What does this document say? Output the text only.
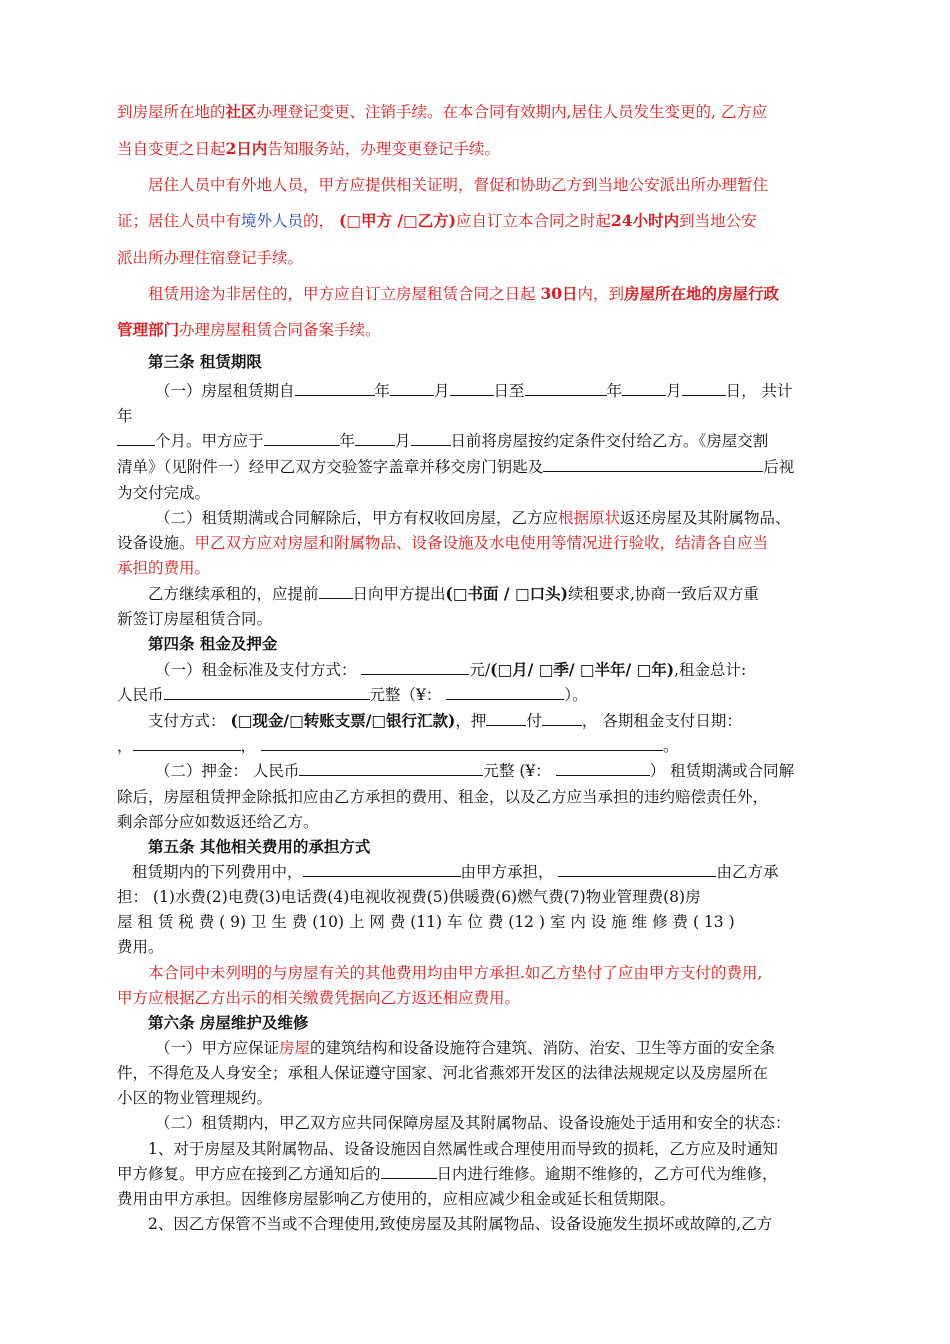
到房屋所在地的社区办理登记变更、注销手续。在本合同有效期内,居住人员发生变更的, 乙方应
当自变更之日起2日内告知服务站，办理变更登记手续。
居住人员中有外地人员，甲方应提供相关证明，督促和协助乙方到当地公安派出所办理暂住
证；居住人员中有境外人员的， (□甲方 /□乙方)应自订立本合同之时起24小时内到当地公安
派出所办理住宿登记手续。
租赁用途为非居住的，甲方应自订立房屋租赁合同之日起 30日内，到房屋所在地的房屋行政
管理部门办理房屋租赁合同备案手续。
第三条 租赁期限
（一）房屋租赁期自	年	月	日至	年	月	日， 共计
年
个月。甲方应于	年	月	日前将房屋按约定条件交付给乙方。《房屋交割
清单》（见附件一）经甲乙双方交验签字盖章并移交房门钥匙及	后视
为交付完成。
（二）租赁期满或合同解除后，甲方有权收回房屋，乙方应根据原状返还房屋及其附属物品、
设备设施。甲乙双方应对房屋和附属物品、设备设施及水电使用等情况进行验收，结清各自应当
承担的费用。
乙方继续承租的，应提前 日向甲方提出(□书面 / □口头)续租要求,协商一致后双方重
新签订房屋租赁合同。
第四条 租金及押金
（一）租金标准及支付方式：	元/(□月/ □季/ □半年/ □年),租金总计:
人民币	元整（¥：	）。
支付方式： (□现金/□转账支票/□银行汇款)，押	付	， 各期租金支付日期：
，	，	。
（二）押金： 人民币	元整 (¥：	） 租赁期满或合同解
除后，房屋租赁押金除抵扣应由乙方承担的费用、租金，以及乙方应当承担的违约赔偿责任外，
剩余部分应如数返还给乙方。
第五条 其他相关费用的承担方式
租赁期内的下列费用中，	由甲方承担，	由乙方承
担： (1)水费(2)电费(3)电话费(4)电视收视费(5)供暖费(6)燃气费(7)物业管理费(8)房
屋 租 赁 税 费 ( 9) 卫 生 费 (10) 上 网 费 (11) 车 位 费 (12 ) 室 内 设 施 维 修 费 ( 13 )
费用。
本合同中未列明的与房屋有关的其他费用均由甲方承担.如乙方垫付了应由甲方支付的费用,
甲方应根据乙方出示的相关缴费凭据向乙方返还相应费用。
第六条 房屋维护及维修
（一）甲方应保证房屋的建筑结构和设备设施符合建筑、消防、治安、卫生等方面的安全条
件，不得危及人身安全；承租人保证遵守国家、河北省燕郊开发区的法律法规规定以及房屋所在
小区的物业管理规约。
（二）租赁期内，甲乙双方应共同保障房屋及其附属物品、设备设施处于适用和安全的状态：
1、对于房屋及其附属物品、设备设施因自然属性或合理使用而导致的损耗，乙方应及时通知
甲方修复。甲方应在接到乙方通知后的	日内进行维修。逾期不维修的，乙方可代为维修，
费用由甲方承担。因维修房屋影响乙方使用的，应相应减少租金或延长租赁期限。
2、因乙方保管不当或不合理使用,致使房屋及其附属物品、设备设施发生损坏或故障的,乙方
